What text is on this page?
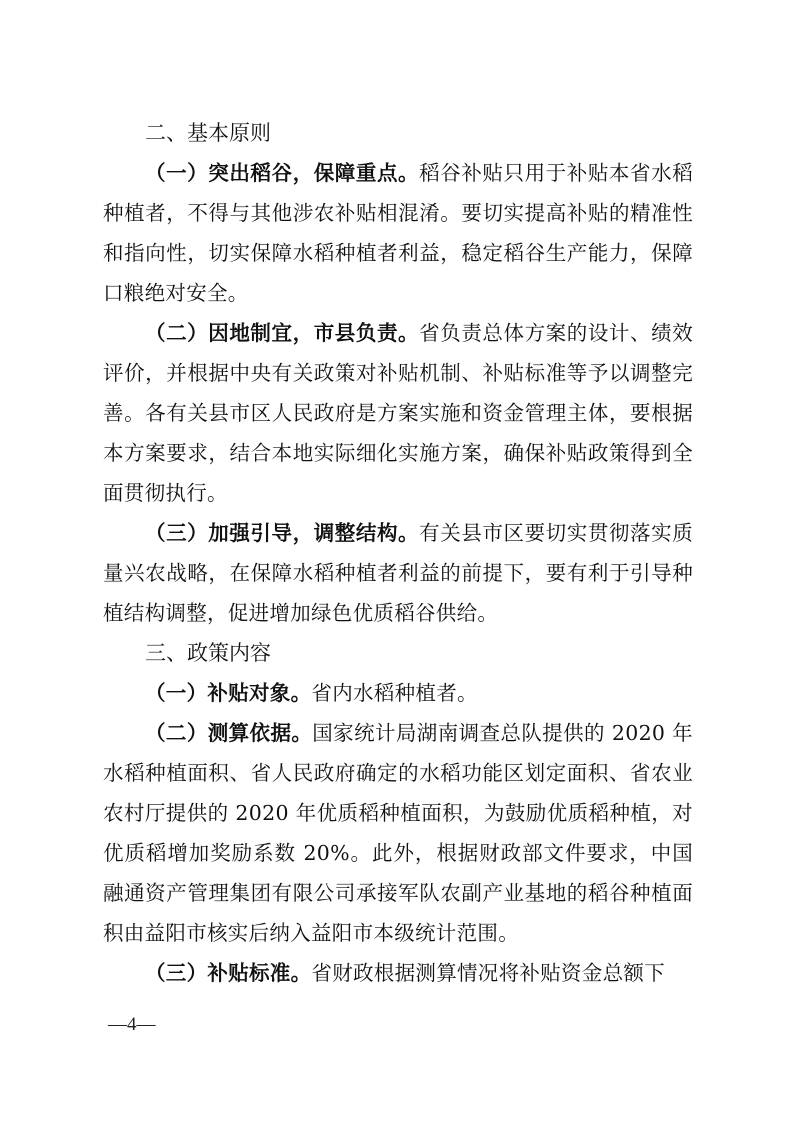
二、基本原则

（一）突出稻谷，保障重点。稻谷补贴只用于补贴本省水稻种植者，不得与其他涉农补贴相混淆。要切实提高补贴的精准性和指向性，切实保障水稻种植者利益，稳定稻谷生产能力，保障口粮绝对安全。

（二）因地制宜，市县负责。省负责总体方案的设计、绩效评价，并根据中央有关政策对补贴机制、补贴标准等予以调整完善。各有关县市区人民政府是方案实施和资金管理主体，要根据本方案要求，结合本地实际细化实施方案，确保补贴政策得到全面贯彻执行。

（三）加强引导，调整结构。有关县市区要切实贯彻落实质量兴农战略，在保障水稻种植者利益的前提下，要有利于引导种植结构调整，促进增加绿色优质稻谷供给。

三、政策内容

（一）补贴对象。省内水稻种植者。

（二）测算依据。国家统计局湖南调查总队提供的 2020 年水稻种植面积、省人民政府确定的水稻功能区划定面积、省农业农村厅提供的 2020 年优质稻种植面积，为鼓励优质稻种植，对优质稻增加奖励系数 20%。此外，根据财政部文件要求，中国融通资产管理集团有限公司承接军队农副产业基地的稻谷种植面积由益阳市核实后纳入益阳市本级统计范围。

（三）补贴标准。省财政根据测算情况将补贴资金总额下

—4—
